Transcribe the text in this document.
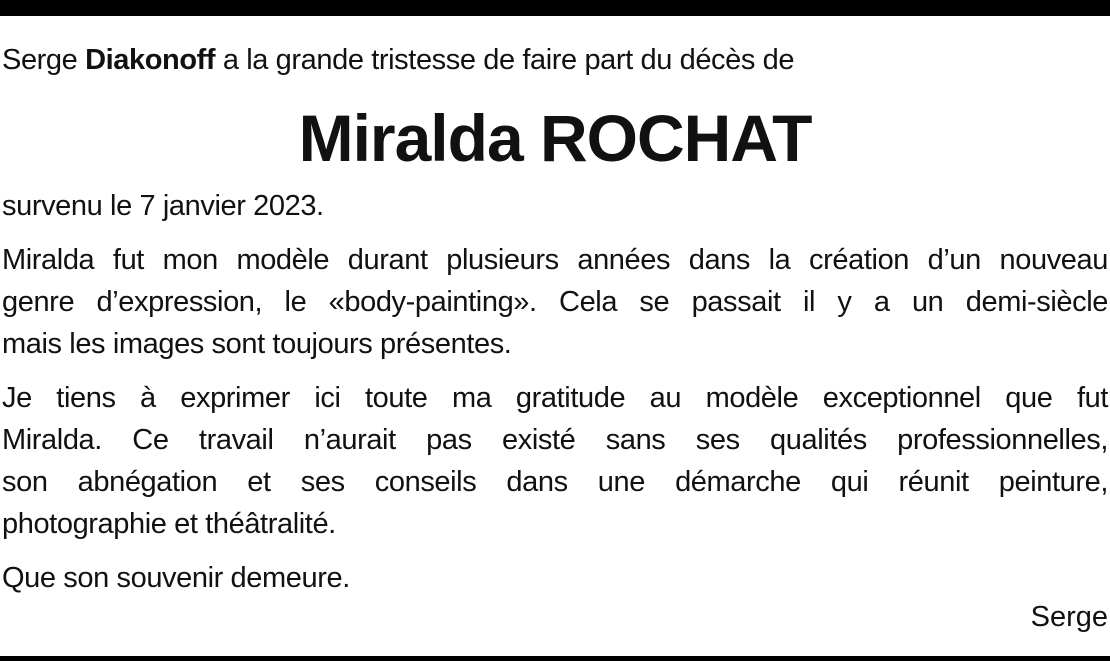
Serge Diakonoff a la grande tristesse de faire part du décès de
Miralda ROCHAT
survenu le 7 janvier 2023.
Miralda fut mon modèle durant plusieurs années dans la création d’un nouveau
genre d’expression, le «body-painting». Cela se passait il y a un demi-siècle
mais les images sont toujours présentes.
Je tiens à exprimer ici toute ma gratitude au modèle exceptionnel que fut
Miralda. Ce travail n’aurait pas existé sans ses qualités professionnelles,
son abnégation et ses conseils dans une démarche qui réunit peinture,
photographie et théâtralité.
Que son souvenir demeure.
Serge
